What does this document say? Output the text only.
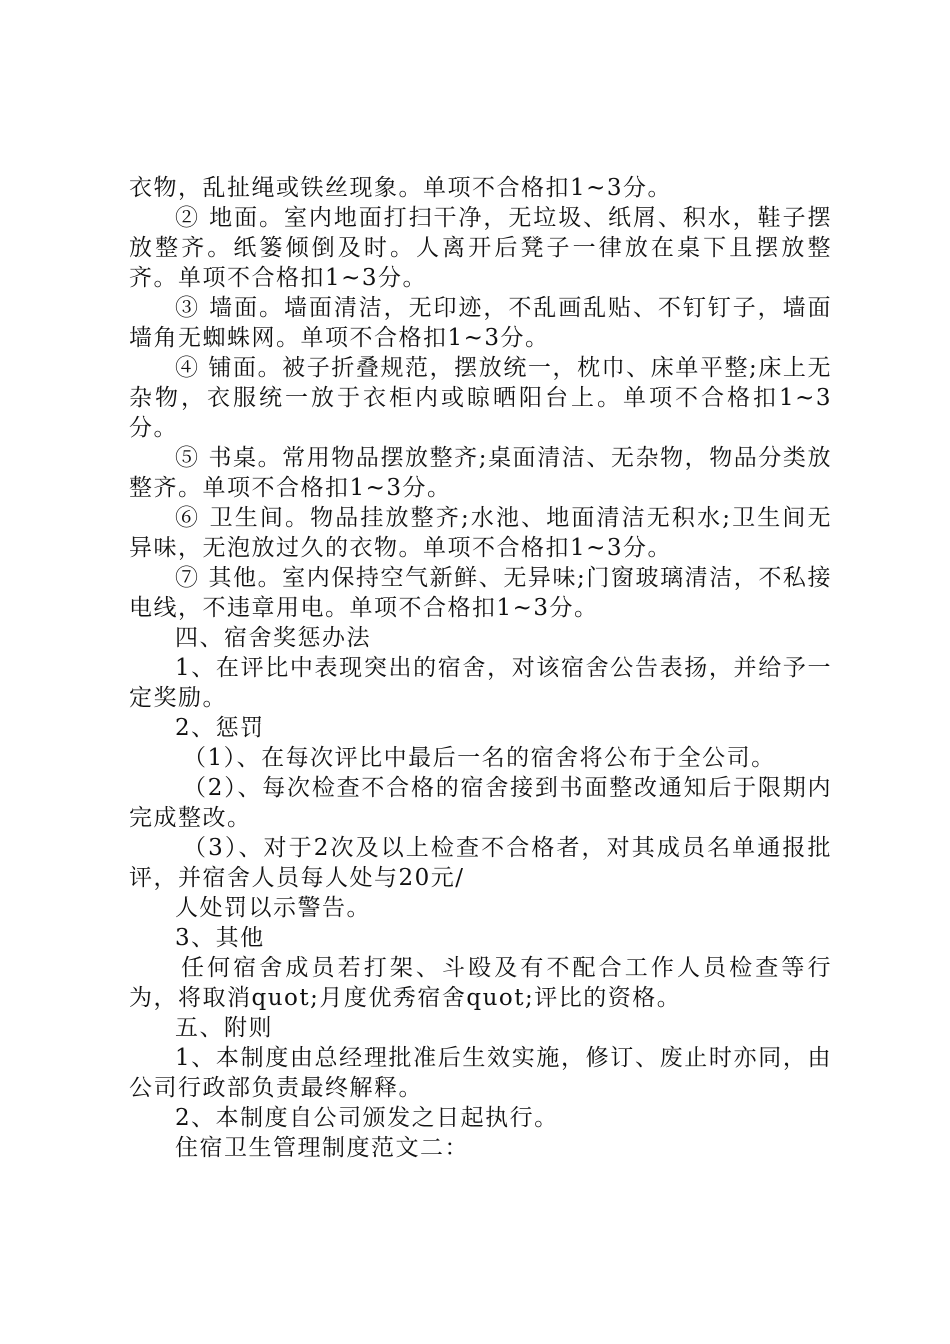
衣物，乱扯绳或铁丝现象。单项不合格扣1~3分。

② 地面。室内地面打扫干净，无垃圾、纸屑、积水，鞋子摆放整齐。纸篓倾倒及时。人离开后凳子一律放在桌下且摆放整齐。单项不合格扣1~3分。

③ 墙面。墙面清洁，无印迹，不乱画乱贴、不钉钉子，墙面墙角无蜘蛛网。单项不合格扣1~3分。

④ 铺面。被子折叠规范，摆放统一，枕巾、床单平整;床上无杂物，衣服统一放于衣柜内或晾晒阳台上。单项不合格扣1~3分。

⑤ 书桌。常用物品摆放整齐;桌面清洁、无杂物，物品分类放整齐。单项不合格扣1~3分。

⑥ 卫生间。物品挂放整齐;水池、地面清洁无积水;卫生间无异味，无泡放过久的衣物。单项不合格扣1~3分。

⑦ 其他。室内保持空气新鲜、无异味;门窗玻璃清洁，不私接电线，不违章用电。单项不合格扣1~3分。

四、宿舍奖惩办法

1、在评比中表现突出的宿舍，对该宿舍公告表扬，并给予一定奖励。

2、惩罚

（1）、在每次评比中最后一名的宿舍将公布于全公司。

（2）、每次检查不合格的宿舍接到书面整改通知后于限期内完成整改。

（3）、对于2次及以上检查不合格者，对其成员名单通报批评，并宿舍人员每人处与20元/

人处罚以示警告。

3、其他

任何宿舍成员若打架、斗殴及有不配合工作人员检查等行为，将取消quot;月度优秀宿舍quot;评比的资格。

五、附则

1、本制度由总经理批准后生效实施，修订、废止时亦同，由公司行政部负责最终解释。

2、本制度自公司颁发之日起执行。

住宿卫生管理制度范文二：
